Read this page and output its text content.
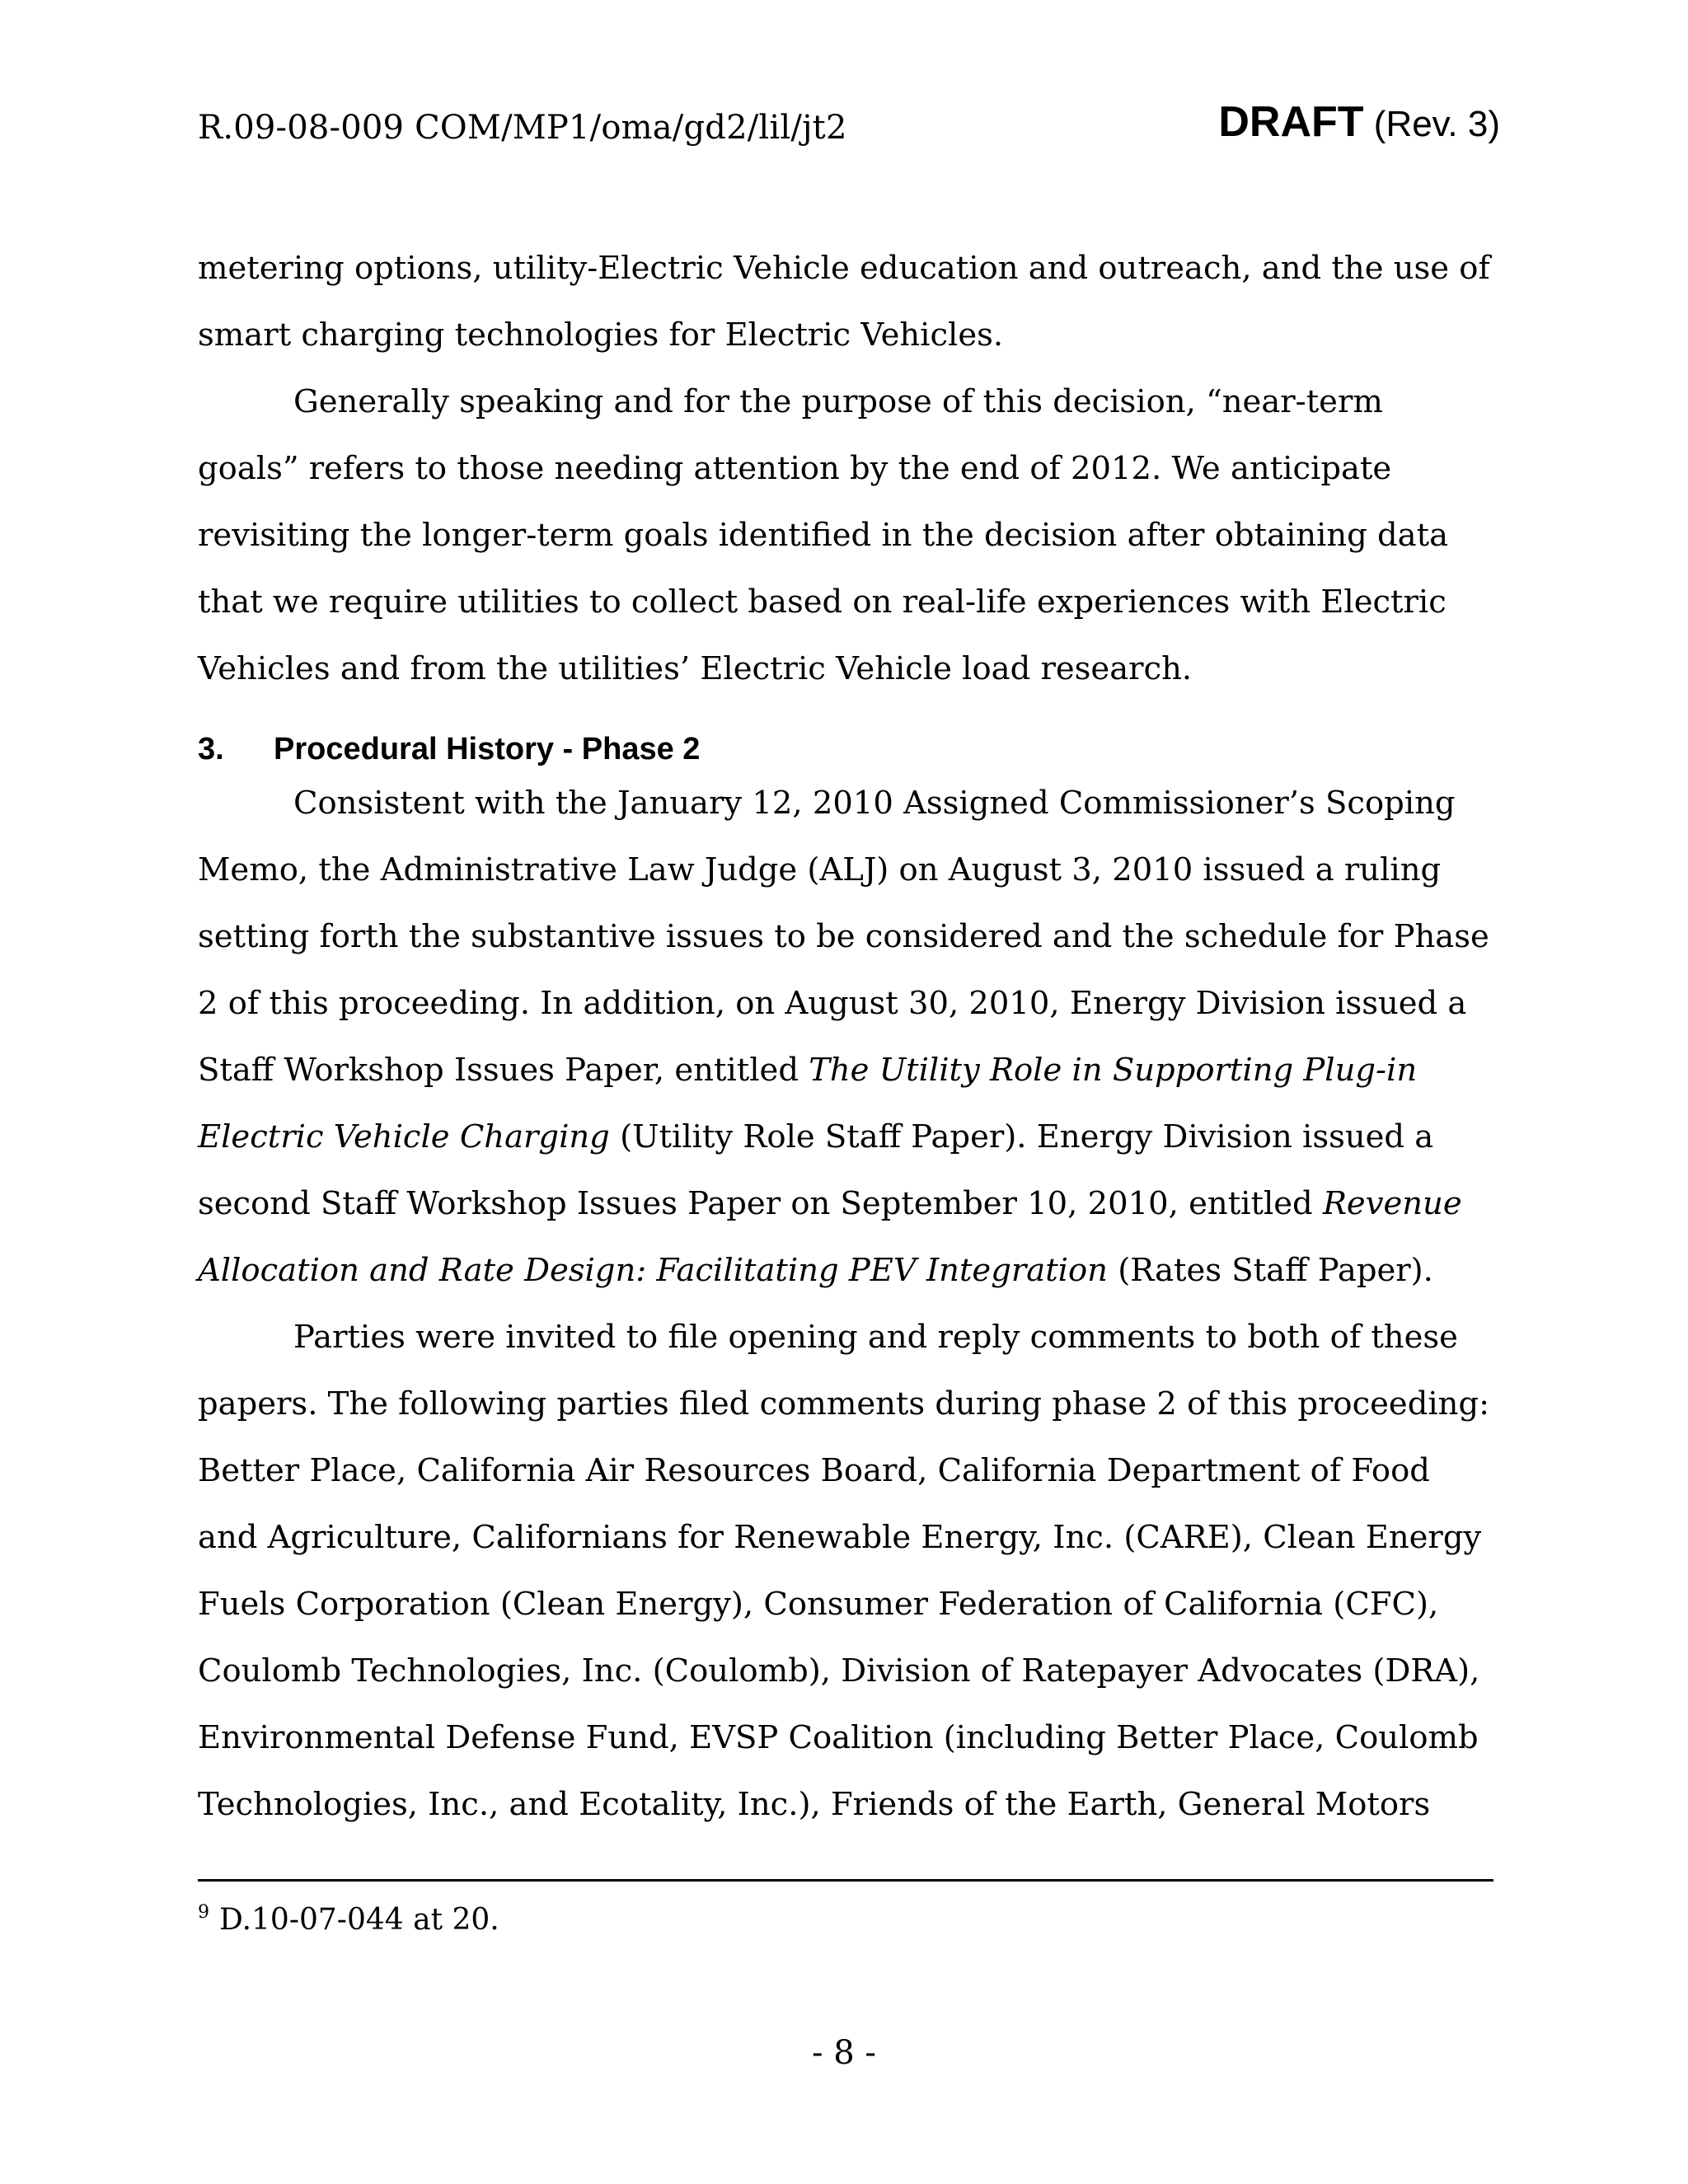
R.09-08-009 COM/MP1/oma/gd2/lil/jt2	DRAFT (Rev. 3)

metering options, utility-Electric Vehicle education and outreach, and the use of smart charging technologies for Electric Vehicles.

Generally speaking and for the purpose of this decision, “near-term goals” refers to those needing attention by the end of 2012. We anticipate revisiting the longer-term goals identified in the decision after obtaining data that we require utilities to collect based on real-life experiences with Electric Vehicles and from the utilities’ Electric Vehicle load research.

3. Procedural History - Phase 2

Consistent with the January 12, 2010 Assigned Commissioner’s Scoping Memo, the Administrative Law Judge (ALJ) on August 3, 2010 issued a ruling setting forth the substantive issues to be considered and the schedule for Phase 2 of this proceeding. In addition, on August 30, 2010, Energy Division issued a Staff Workshop Issues Paper, entitled The Utility Role in Supporting Plug-in Electric Vehicle Charging (Utility Role Staff Paper). Energy Division issued a second Staff Workshop Issues Paper on September 10, 2010, entitled Revenue Allocation and Rate Design: Facilitating PEV Integration (Rates Staff Paper).

Parties were invited to file opening and reply comments to both of these papers. The following parties filed comments during phase 2 of this proceeding: Better Place, California Air Resources Board, California Department of Food and Agriculture, Californians for Renewable Energy, Inc. (CARE), Clean Energy Fuels Corporation (Clean Energy), Consumer Federation of California (CFC), Coulomb Technologies, Inc. (Coulomb), Division of Ratepayer Advocates (DRA), Environmental Defense Fund, EVSP Coalition (including Better Place, Coulomb Technologies, Inc., and Ecotality, Inc.), Friends of the Earth, General Motors

$^9$ D.10-07-044 at 20.
- 8 -
